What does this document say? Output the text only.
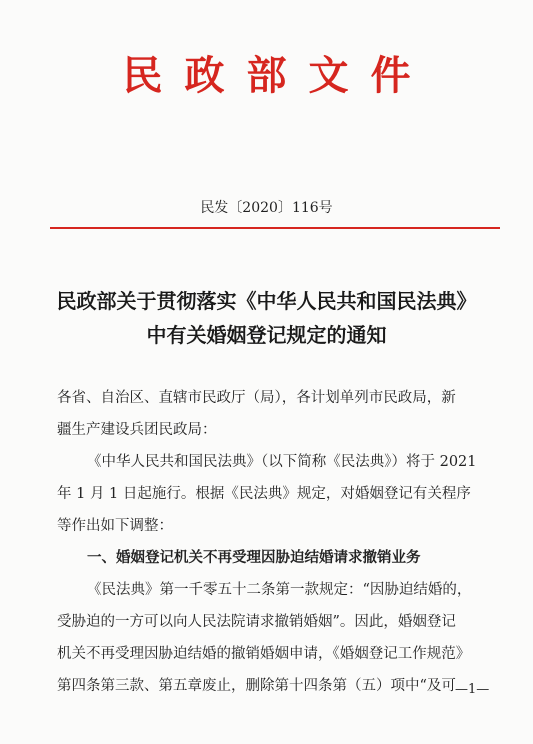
民政部文件
民发〔2020〕116号
民政部关于贯彻落实《中华人民共和国民法典》
中有关婚姻登记规定的通知

各省、自治区、直辖市民政厅（局），各计划单列市民政局，新

疆生产建设兵团民政局：

《中华人民共和国民法典》（以下简称《民法典》）将于 2021

年 1 月 1 日起施行。根据《民法典》规定，对婚姻登记有关程序

等作出如下调整：

一、婚姻登记机关不再受理因胁迫结婚请求撤销业务

《民法典》第一千零五十二条第一款规定：“因胁迫结婚的，

受胁迫的一方可以向人民法院请求撤销婚姻”。因此，婚姻登记

机关不再受理因胁迫结婚的撤销婚姻申请，《婚姻登记工作规范》

第四条第三款、第五章废止，删除第十四条第（五）项中“及可 —1—
